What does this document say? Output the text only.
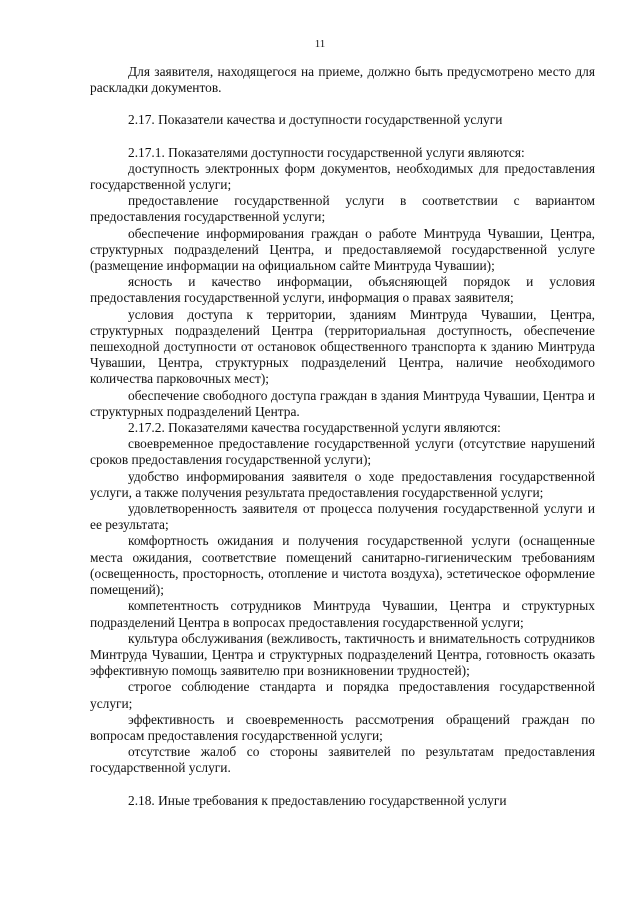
11

Для заявителя, находящегося на приеме, должно быть предусмотрено место для раскладки документов.

2.17. Показатели качества и доступности государственной услуги

2.17.1. Показателями доступности государственной услуги являются:

доступность электронных форм документов, необходимых для предоставления государственной услуги;

предоставление государственной услуги в соответствии с вариантом предоставления государственной услуги;

обеспечение информирования граждан о работе Минтруда Чувашии, Центра, структурных подразделений Центра, и предоставляемой государственной услуге (размещение информации на официальном сайте Минтруда Чувашии);

ясность и качество информации, объясняющей порядок и условия предоставления государственной услуги, информация о правах заявителя;

условия доступа к территории, зданиям Минтруда Чувашии, Центра, структурных подразделений Центра (территориальная доступность, обеспечение пешеходной доступности от остановок общественного транспорта к зданию Минтруда Чувашии, Центра, структурных подразделений Центра, наличие необходимого количества парковочных мест);

обеспечение свободного доступа граждан в здания Минтруда Чувашии, Центра и структурных подразделений Центра.

2.17.2. Показателями качества государственной услуги являются:

своевременное предоставление государственной услуги (отсутствие нарушений сроков предоставления государственной услуги);

удобство информирования заявителя о ходе предоставления государственной услуги, а также получения результата предоставления государственной услуги;

удовлетворенность заявителя от процесса получения государственной услуги и ее результата;

комфортность ожидания и получения государственной услуги (оснащенные места ожидания, соответствие помещений санитарно-гигиеническим требованиям (освещенность, просторность, отопление и чистота воздуха), эстетическое оформление помещений);

компетентность сотрудников Минтруда Чувашии, Центра и структурных подразделений Центра в вопросах предоставления государственной услуги;

культура обслуживания (вежливость, тактичность и внимательность сотрудников Минтруда Чувашии, Центра и структурных подразделений Центра, готовность оказать эффективную помощь заявителю при возникновении трудностей);

строгое соблюдение стандарта и порядка предоставления государственной услуги;

эффективность и своевременность рассмотрения обращений граждан по вопросам предоставления государственной услуги;

отсутствие жалоб со стороны заявителей по результатам предоставления государственной услуги.

2.18. Иные требования к предоставлению государственной услуги
